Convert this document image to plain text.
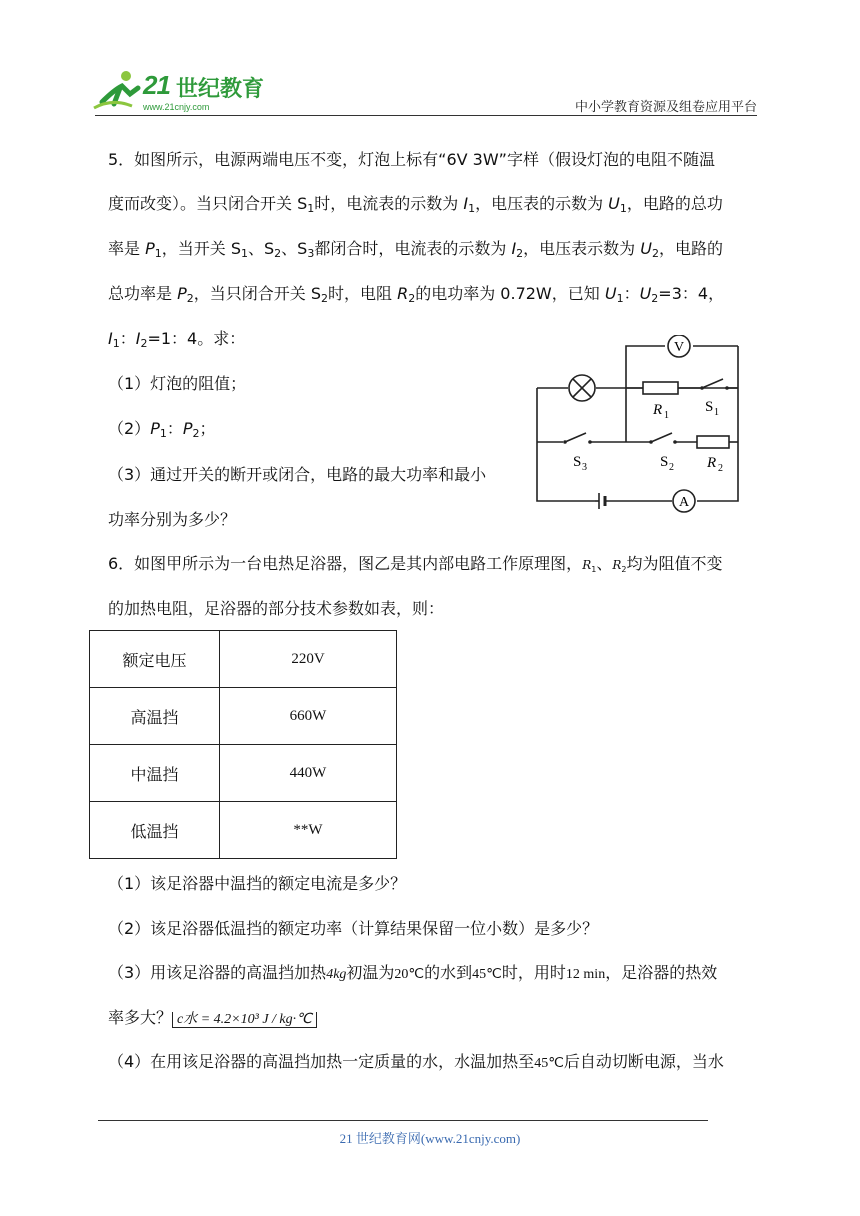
21 世纪教育
www.21cnjy.com	中小学教育资源及组卷应用平台
5．如图所示，电源两端电压不变，灯泡上标有“6V 3W”字样（假设灯泡的电阻不随温
度而改变）。当只闭合开关 $S_1$时，电流表的示数为 $I_1$，电压表的示数为 $U_1$，电路的总功
率是 $P_1$，当开关 $S_1$、$S_2$、$S_3$都闭合时，电流表的示数为 $I_2$，电压表示数为 $U_2$，电路的
总功率是 $P_2$，当只闭合开关 $S_2$时，电阻 $R_2$的电功率为 0.72W，已知 $U_1$：$U_2=3$：4，
$I_1$：$I_2=1$：4。求：
（1）灯泡的阻值；
$(2)P_1$：$P_2$；
（3）通过开关的断开或闭合，电路的最大功率和最小
功率分别为多少？
V
R 1
S 1
S 3	S 2 R 2
A
6．如图甲所示为一台电热足浴器，图乙是其内部电路工作原理图，$R_1$、$R_2$均为阻值不变
的加热电阻，足浴器的部分技术参数如表，则：
额定电压	220V
高温挡	660W
中温挡	440W
低温挡	**W
（1）该足浴器中温挡的额定电流是多少？
（2）该足浴器低温挡的额定功率（计算结果保留一位小数）是多少？
（3）用该足浴器的高温挡加热4kg初温为20℃的水到45℃时，用时12 min，足浴器的热效
率多大？ c水 = 4.2×10³ J / kg·℃
（4）在用该足浴器的高温挡加热一定质量的水，水温加热至45℃后自动切断电源，当水
21 世纪教育网(www.21cnjy.com)
